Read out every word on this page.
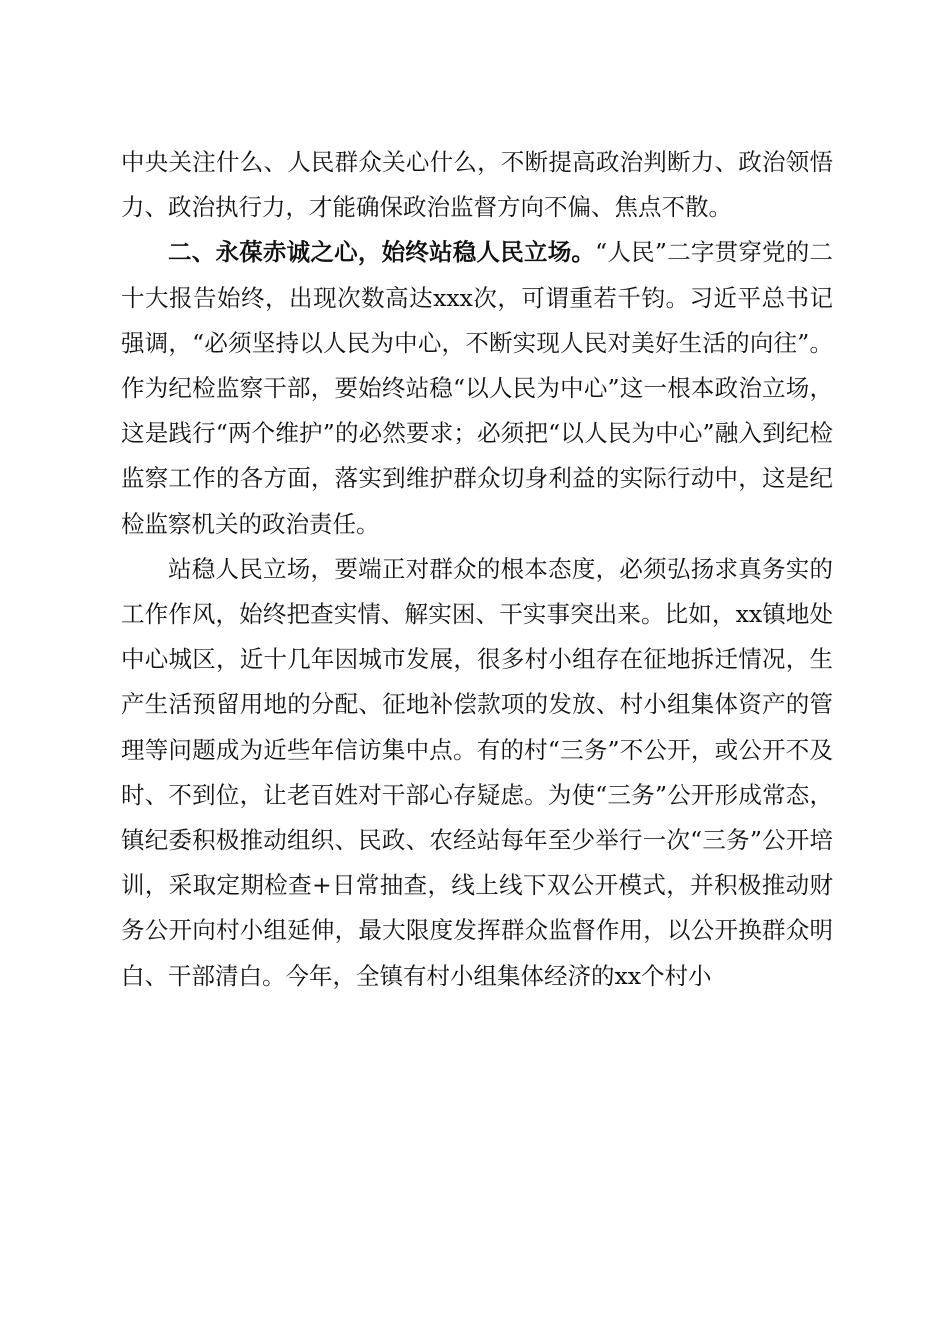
中央关注什么、人民群众关心什么，不断提高政治判断力、政治领悟力、政治执行力，才能确保政治监督方向不偏、焦点不散。

二、永葆赤诚之心，始终站稳人民立场。“人民”二字贯穿党的二十大报告始终，出现次数高达xxx次，可谓重若千钧。习近平总书记强调，“必须坚持以人民为中心，不断实现人民对美好生活的向往”。作为纪检监察干部，要始终站稳“以人民为中心”这一根本政治立场，这是践行“两个维护”的必然要求；必须把“以人民为中心”融入到纪检监察工作的各方面，落实到维护群众切身利益的实际行动中，这是纪检监察机关的政治责任。

站稳人民立场，要端正对群众的根本态度，必须弘扬求真务实的工作作风，始终把查实情、解实困、干实事突出来。比如，xx镇地处中心城区，近十几年因城市发展，很多村小组存在征地拆迁情况，生产生活预留用地的分配、征地补偿款项的发放、村小组集体资产的管理等问题成为近些年信访集中点。有的村“三务”不公开，或公开不及时、不到位，让老百姓对干部心存疑虑。为使“三务”公开形成常态，镇纪委积极推动组织、民政、农经站每年至少举行一次“三务”公开培训，采取定期检查+日常抽查，线上线下双公开模式，并积极推动财务公开向村小组延伸，最大限度发挥群众监督作用，以公开换群众明白、干部清白。今年，全镇有村小组集体经济的xx个村小
